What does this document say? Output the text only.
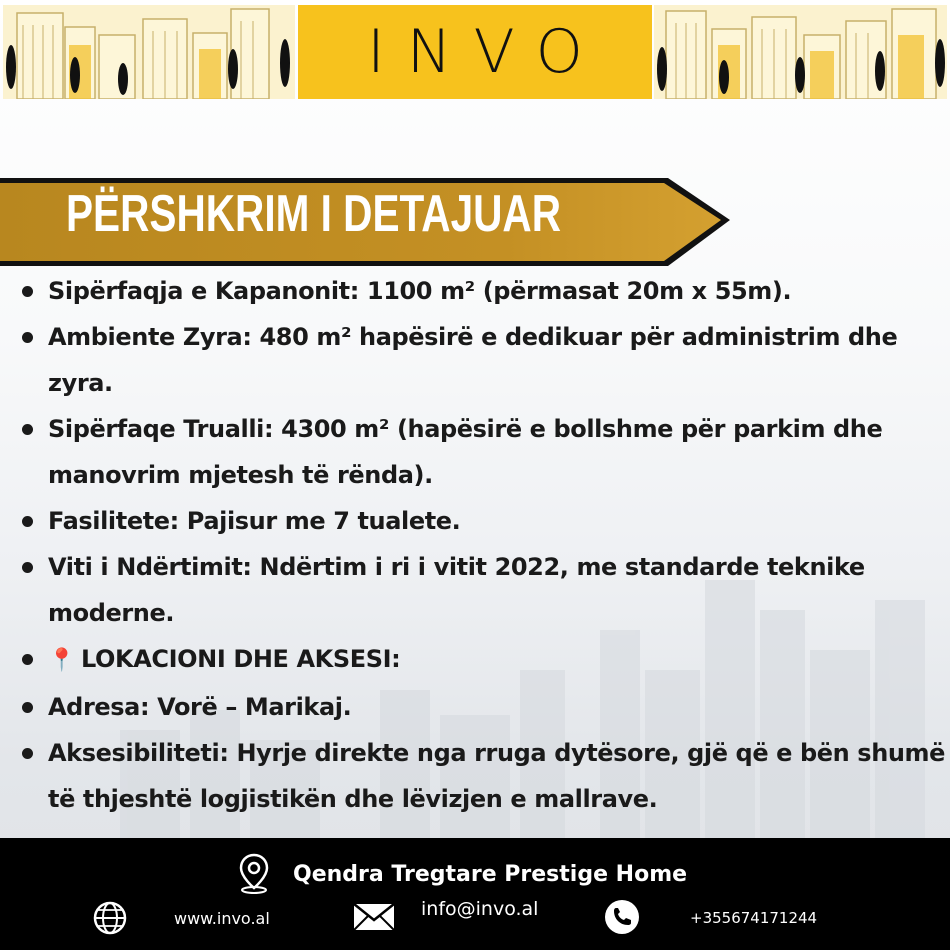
INVO
PËRSHKRIM I DETAJUAR
Sipërfaqja e Kapanonit: 1100 m² (përmasat 20m x 55m).
Ambiente Zyra: 480 m² hapësirë e dedikuar për administrim dhe zyra.
Sipërfaqe Trualli: 4300 m² (hapësirë e bollshme për parkim dhe manovrim mjetesh të rënda).
Fasilitete: Pajisur me 7 tualete.
Viti i Ndërtimit: Ndërtim i ri i vitit 2022, me standarde teknike moderne.
📍 LOKACIONI DHE AKSESI:
Adresa: Vorë – Marikaj.
Aksesibiliteti: Hyrje direkte nga rruga dytësore, gjë që e bën shumë të thjeshtë logjistikën dhe lëvizjen e mallrave.
Qendra Tregtare Prestige Home
www.invo.al	info@invo.al	+355674171244
